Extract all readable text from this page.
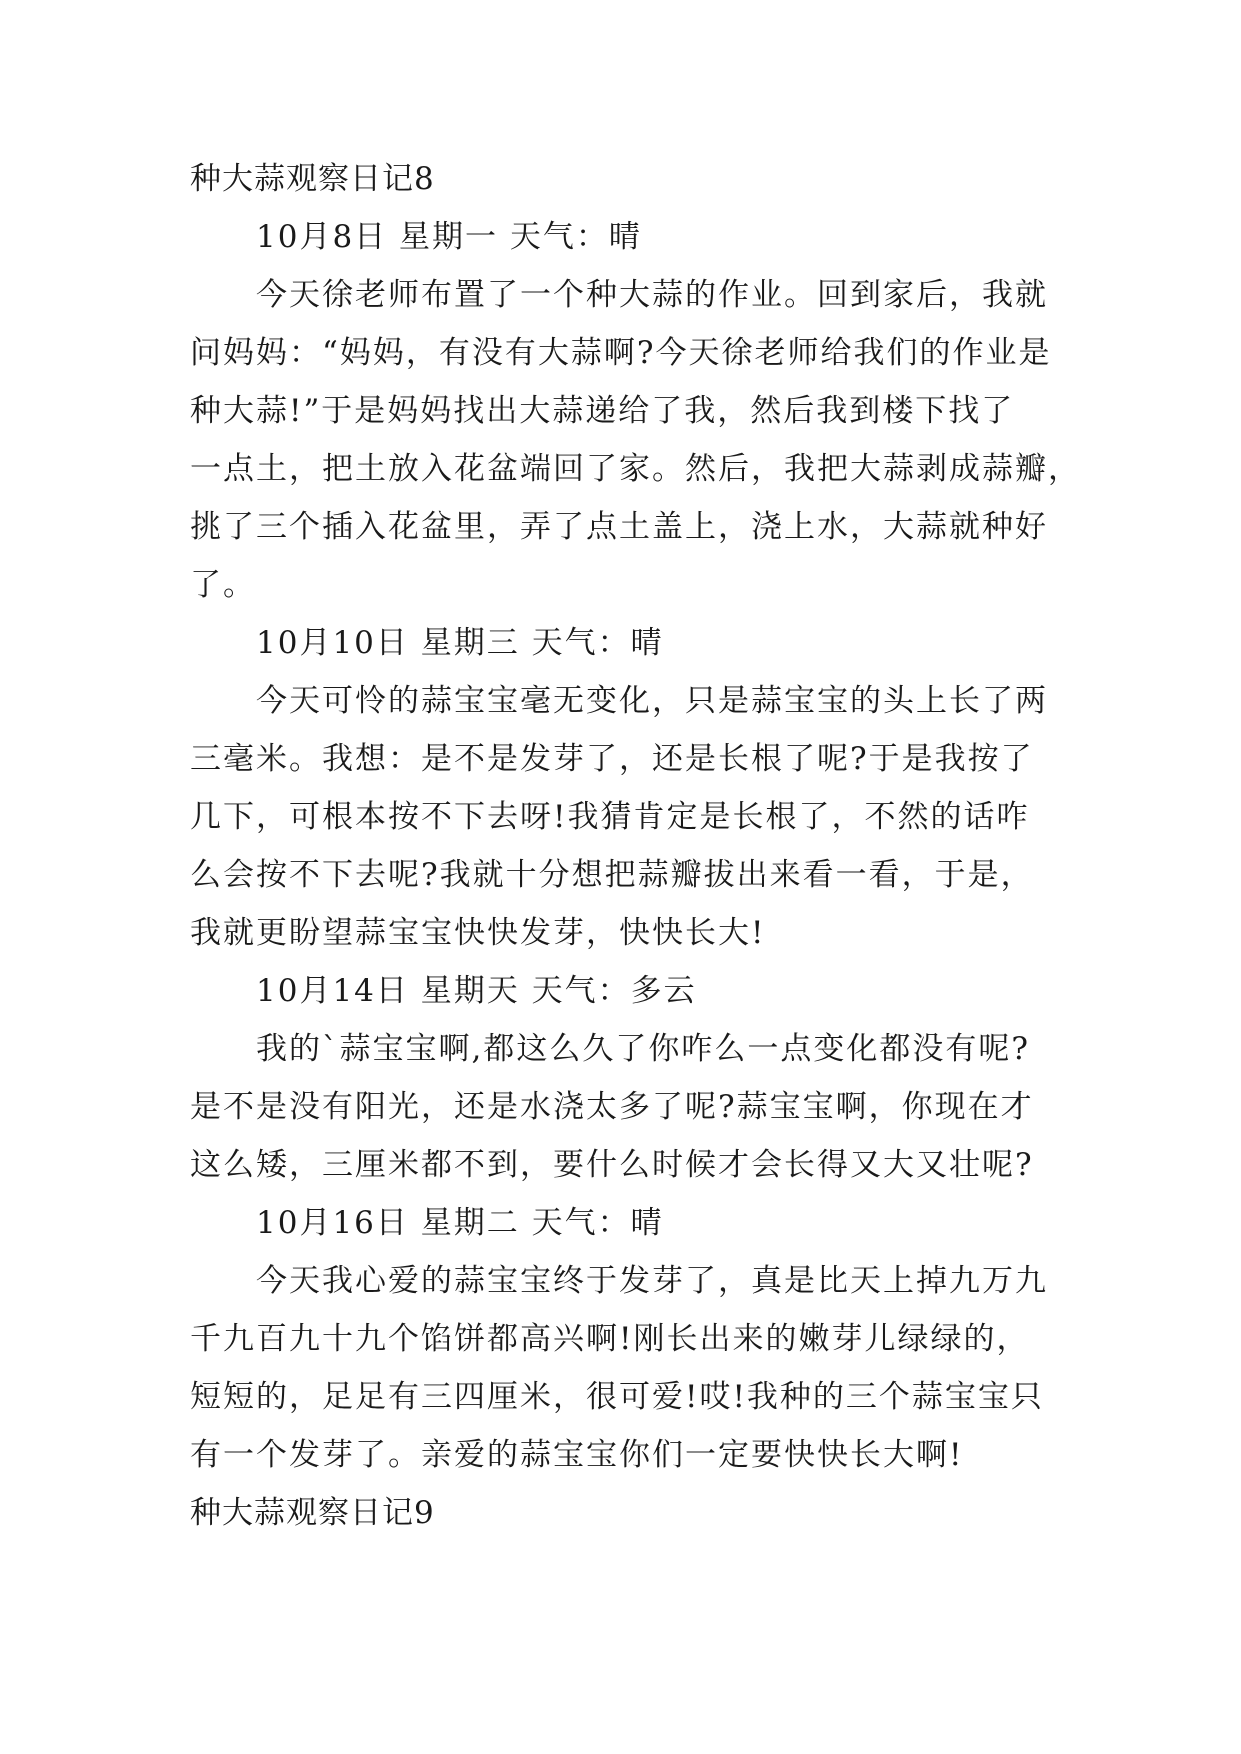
种大蒜观察日记8
10月8日 星期一 天气：晴
今天徐老师布置了一个种大蒜的作业。回到家后，我就
问妈妈：“妈妈，有没有大蒜啊?今天徐老师给我们的作业是
种大蒜!”于是妈妈找出大蒜递给了我，然后我到楼下找了
一点土，把土放入花盆端回了家。然后，我把大蒜剥成蒜瓣，
挑了三个插入花盆里，弄了点土盖上，浇上水，大蒜就种好
了。
10月10日 星期三 天气：晴
今天可怜的蒜宝宝毫无变化，只是蒜宝宝的头上长了两
三毫米。我想：是不是发芽了，还是长根了呢?于是我按了
几下，可根本按不下去呀!我猜肯定是长根了，不然的话咋
么会按不下去呢?我就十分想把蒜瓣拔出来看一看，于是，
我就更盼望蒜宝宝快快发芽，快快长大!
10月14日 星期天 天气：多云
我的`蒜宝宝啊,都这么久了你咋么一点变化都没有呢?
是不是没有阳光，还是水浇太多了呢?蒜宝宝啊，你现在才
这么矮，三厘米都不到，要什么时候才会长得又大又壮呢?
10月16日 星期二 天气：晴
今天我心爱的蒜宝宝终于发芽了，真是比天上掉九万九
千九百九十九个馅饼都高兴啊!刚长出来的嫩芽儿绿绿的，
短短的，足足有三四厘米，很可爱!哎!我种的三个蒜宝宝只
有一个发芽了。亲爱的蒜宝宝你们一定要快快长大啊!
种大蒜观察日记9
